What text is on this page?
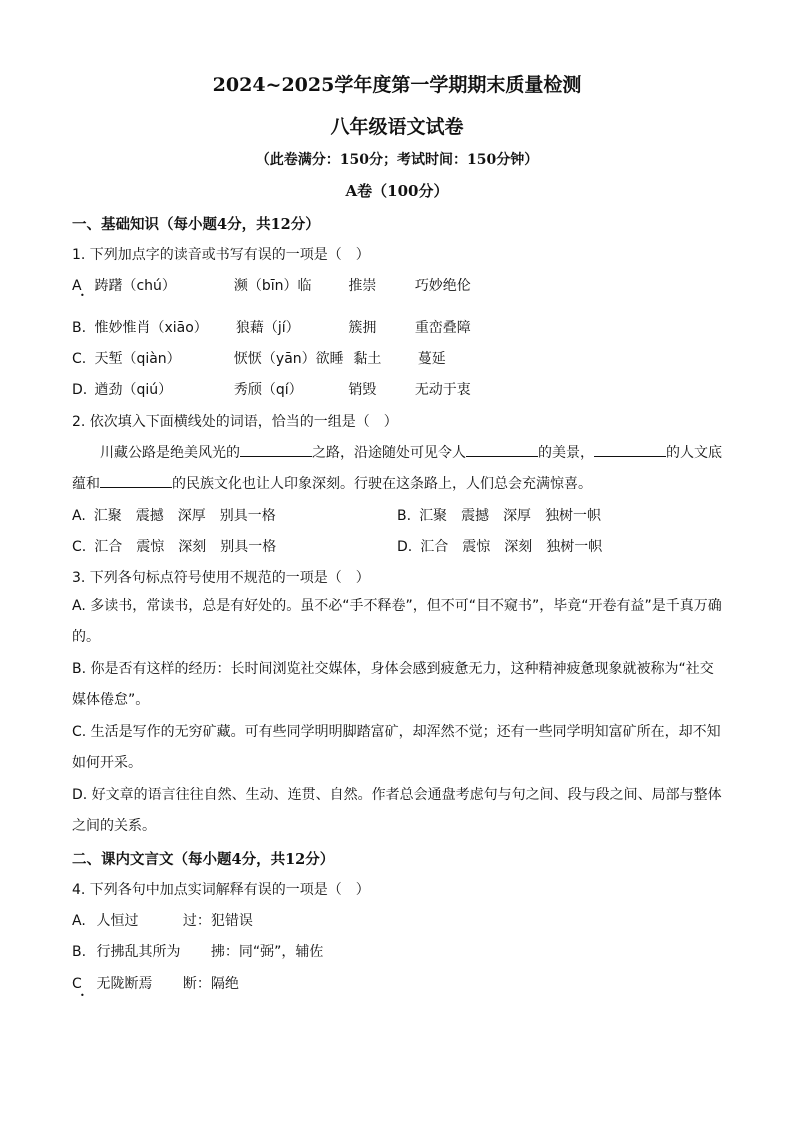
2024~2025学年度第一学期期末质量检测
八年级语文试卷
（此卷满分：150分；考试时间：150分钟）
A卷（100分）
一、基础知识（每小题4分，共12分）
1. 下列加点字的读音或书写有误的一项是（　）
A 踌躇（chú）	濒（bīn）临	推崇	巧妙绝伦
•
B. 惟妙惟肖（xiāo） 狼藉（jí）	簇拥	重峦叠障
C. 天堑（qiàn）	恹恹（yān）欲睡 黏土	蔓延
D. 遒劲（qiú）	秀颀（qí）	销毁	无动于衷
2. 依次填入下面横线处的词语，恰当的一组是（　）
川藏公路是绝美风光的	之路，沿途随处可见令人	的美景，	的人文底
蕴和	的民族文化也让人印象深刻。行驶在这条路上，人们总会充满惊喜。
A. 汇聚 震撼 深厚 别具一格	B. 汇聚 震撼 深厚 独树一帜
C. 汇合 震惊 深刻 别具一格	D. 汇合 震惊 深刻 独树一帜
3. 下列各句标点符号使用不规范的一项是（　）
A. 多读书，常读书，总是有好处的。虽不必“手不释卷”，但不可“目不窥书”，毕竟“开卷有益”是千真万确的。
B. 你是否有这样的经历：长时间浏览社交媒体，身体会感到疲惫无力，这种精神疲惫现象就被称为“社交媒体倦怠”。
C. 生活是写作的无穷矿藏。可有些同学明明脚踏富矿，却浑然不觉；还有一些同学明知富矿所在，却不知如何开采。
D. 好文章的语言往往自然、生动、连贯、自然。作者总会通盘考虑句与句之间、段与段之间、局部与整体之间的关系。
二、课内文言文（每小题4分，共12分）
4. 下列各句中加点实词解释有误的一项是（　）
A. 人恒过	过：犯错误
B. 行拂乱其所为 拂：同“弼”，辅佐
C 无陇断焉 断：隔绝
•
